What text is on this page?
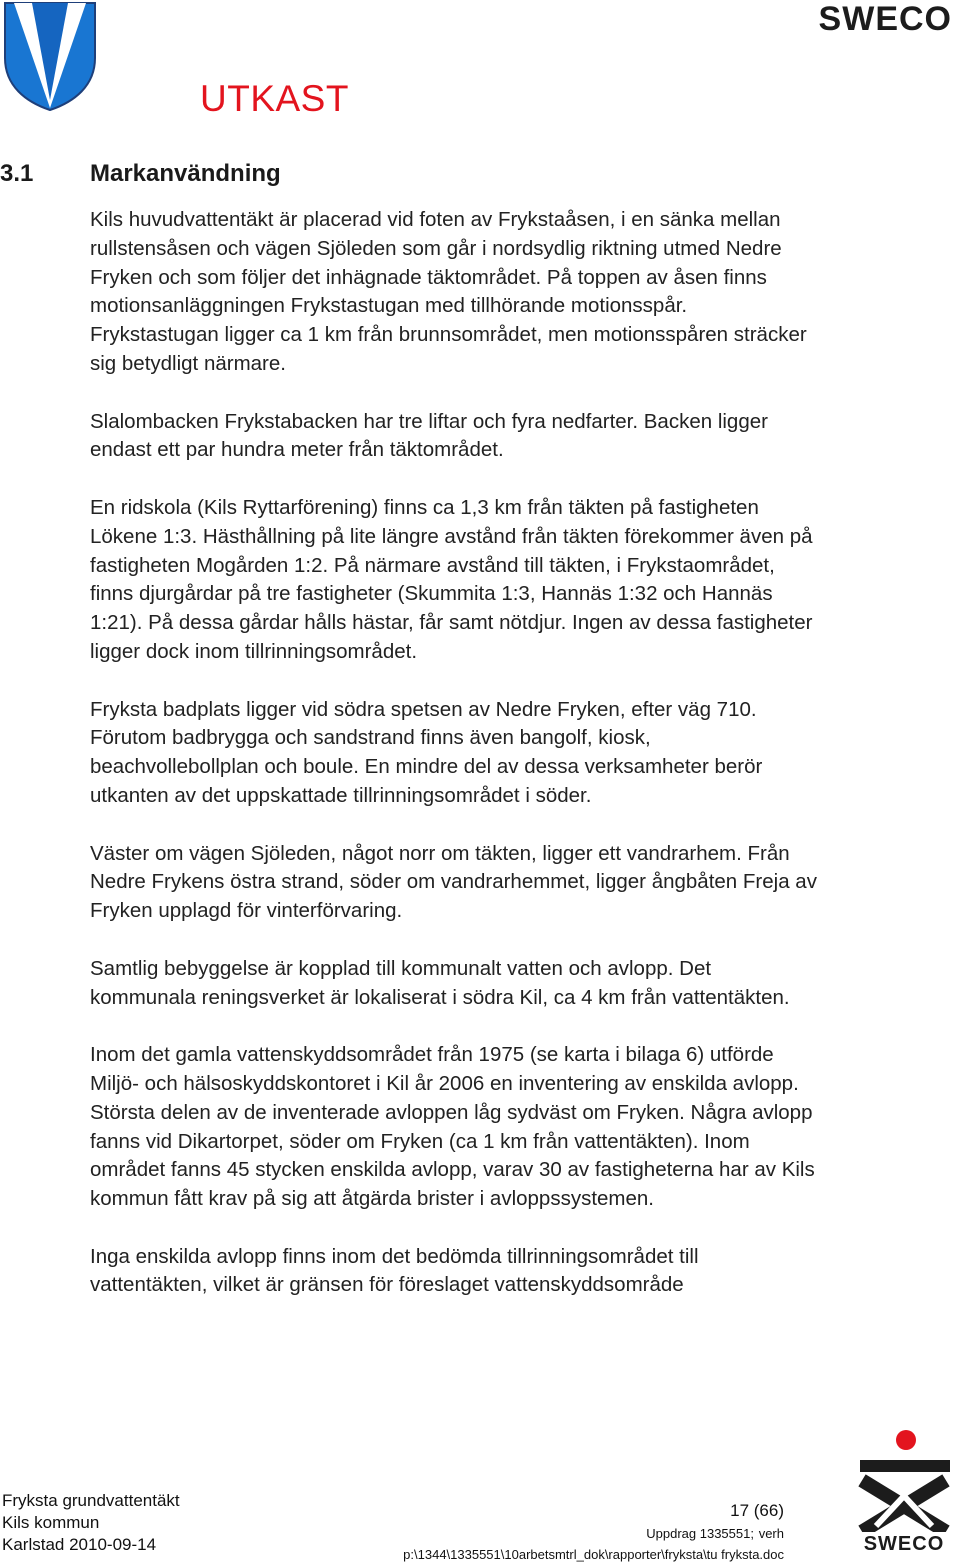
SWECO
UTKAST
3.1 Markanvändning

Kils huvudvattentäkt är placerad vid foten av Frykstaåsen, i en sänka mellan rullstensåsen och vägen Sjöleden som går i nordsydlig riktning utmed Nedre Fryken och som följer det inhägnade täktområdet. På toppen av åsen finns motionsanläggningen Frykstastugan med tillhörande motionsspår. Frykstastugan ligger ca 1 km från brunnsområdet, men motionsspåren sträcker sig betydligt närmare.

Slalombacken Frykstabacken har tre liftar och fyra nedfarter. Backen ligger endast ett par hundra meter från täktområdet.

En ridskola (Kils Ryttarförening) finns ca 1,3 km från täkten på fastigheten Lökene 1:3. Hästhållning på lite längre avstånd från täkten förekommer även på fastigheten Mogården 1:2. På närmare avstånd till täkten, i Frykstaområdet, finns djurgårdar på tre fastigheter (Skummita 1:3, Hannäs 1:32 och Hannäs 1:21). På dessa gårdar hålls hästar, får samt nötdjur. Ingen av dessa fastigheter ligger dock inom tillrinningsområdet.

Fryksta badplats ligger vid södra spetsen av Nedre Fryken, efter väg 710. Förutom badbrygga och sandstrand finns även bangolf, kiosk, beachvollebollplan och boule. En mindre del av dessa verksamheter berör utkanten av det uppskattade tillrinningsområdet i söder.

Väster om vägen Sjöleden, något norr om täkten, ligger ett vandrarhem. Från Nedre Frykens östra strand, söder om vandrarhemmet, ligger ångbåten Freja av Fryken upplagd för vinterförvaring.

Samtlig bebyggelse är kopplad till kommunalt vatten och avlopp. Det kommunala reningsverket är lokaliserat i södra Kil, ca 4 km från vattentäkten.

Inom det gamla vattenskyddsområdet från 1975 (se karta i bilaga 6) utförde Miljö- och hälsoskyddskontoret i Kil år 2006 en inventering av enskilda avlopp. Största delen av de inventerade avloppen låg sydväst om Fryken. Några avlopp fanns vid Dikartorpet, söder om Fryken (ca 1 km från vattentäkten). Inom området fanns 45 stycken enskilda avlopp, varav 30 av fastigheterna har av Kils kommun fått krav på sig att åtgärda brister i avloppssystemen.

Inga enskilda avlopp finns inom det bedömda tillrinningsområdet till vattentäkten, vilket är gränsen för föreslaget vattenskyddsområde

Fryksta grundvattentäkt
Kils kommun
Karlstad 2010-09-14
17 (66)
Uppdrag 1335551; verh
p:\1344\1335551\10arbetsmtrl_dok\rapporter\fryksta\tu fryksta.doc	SWECO
